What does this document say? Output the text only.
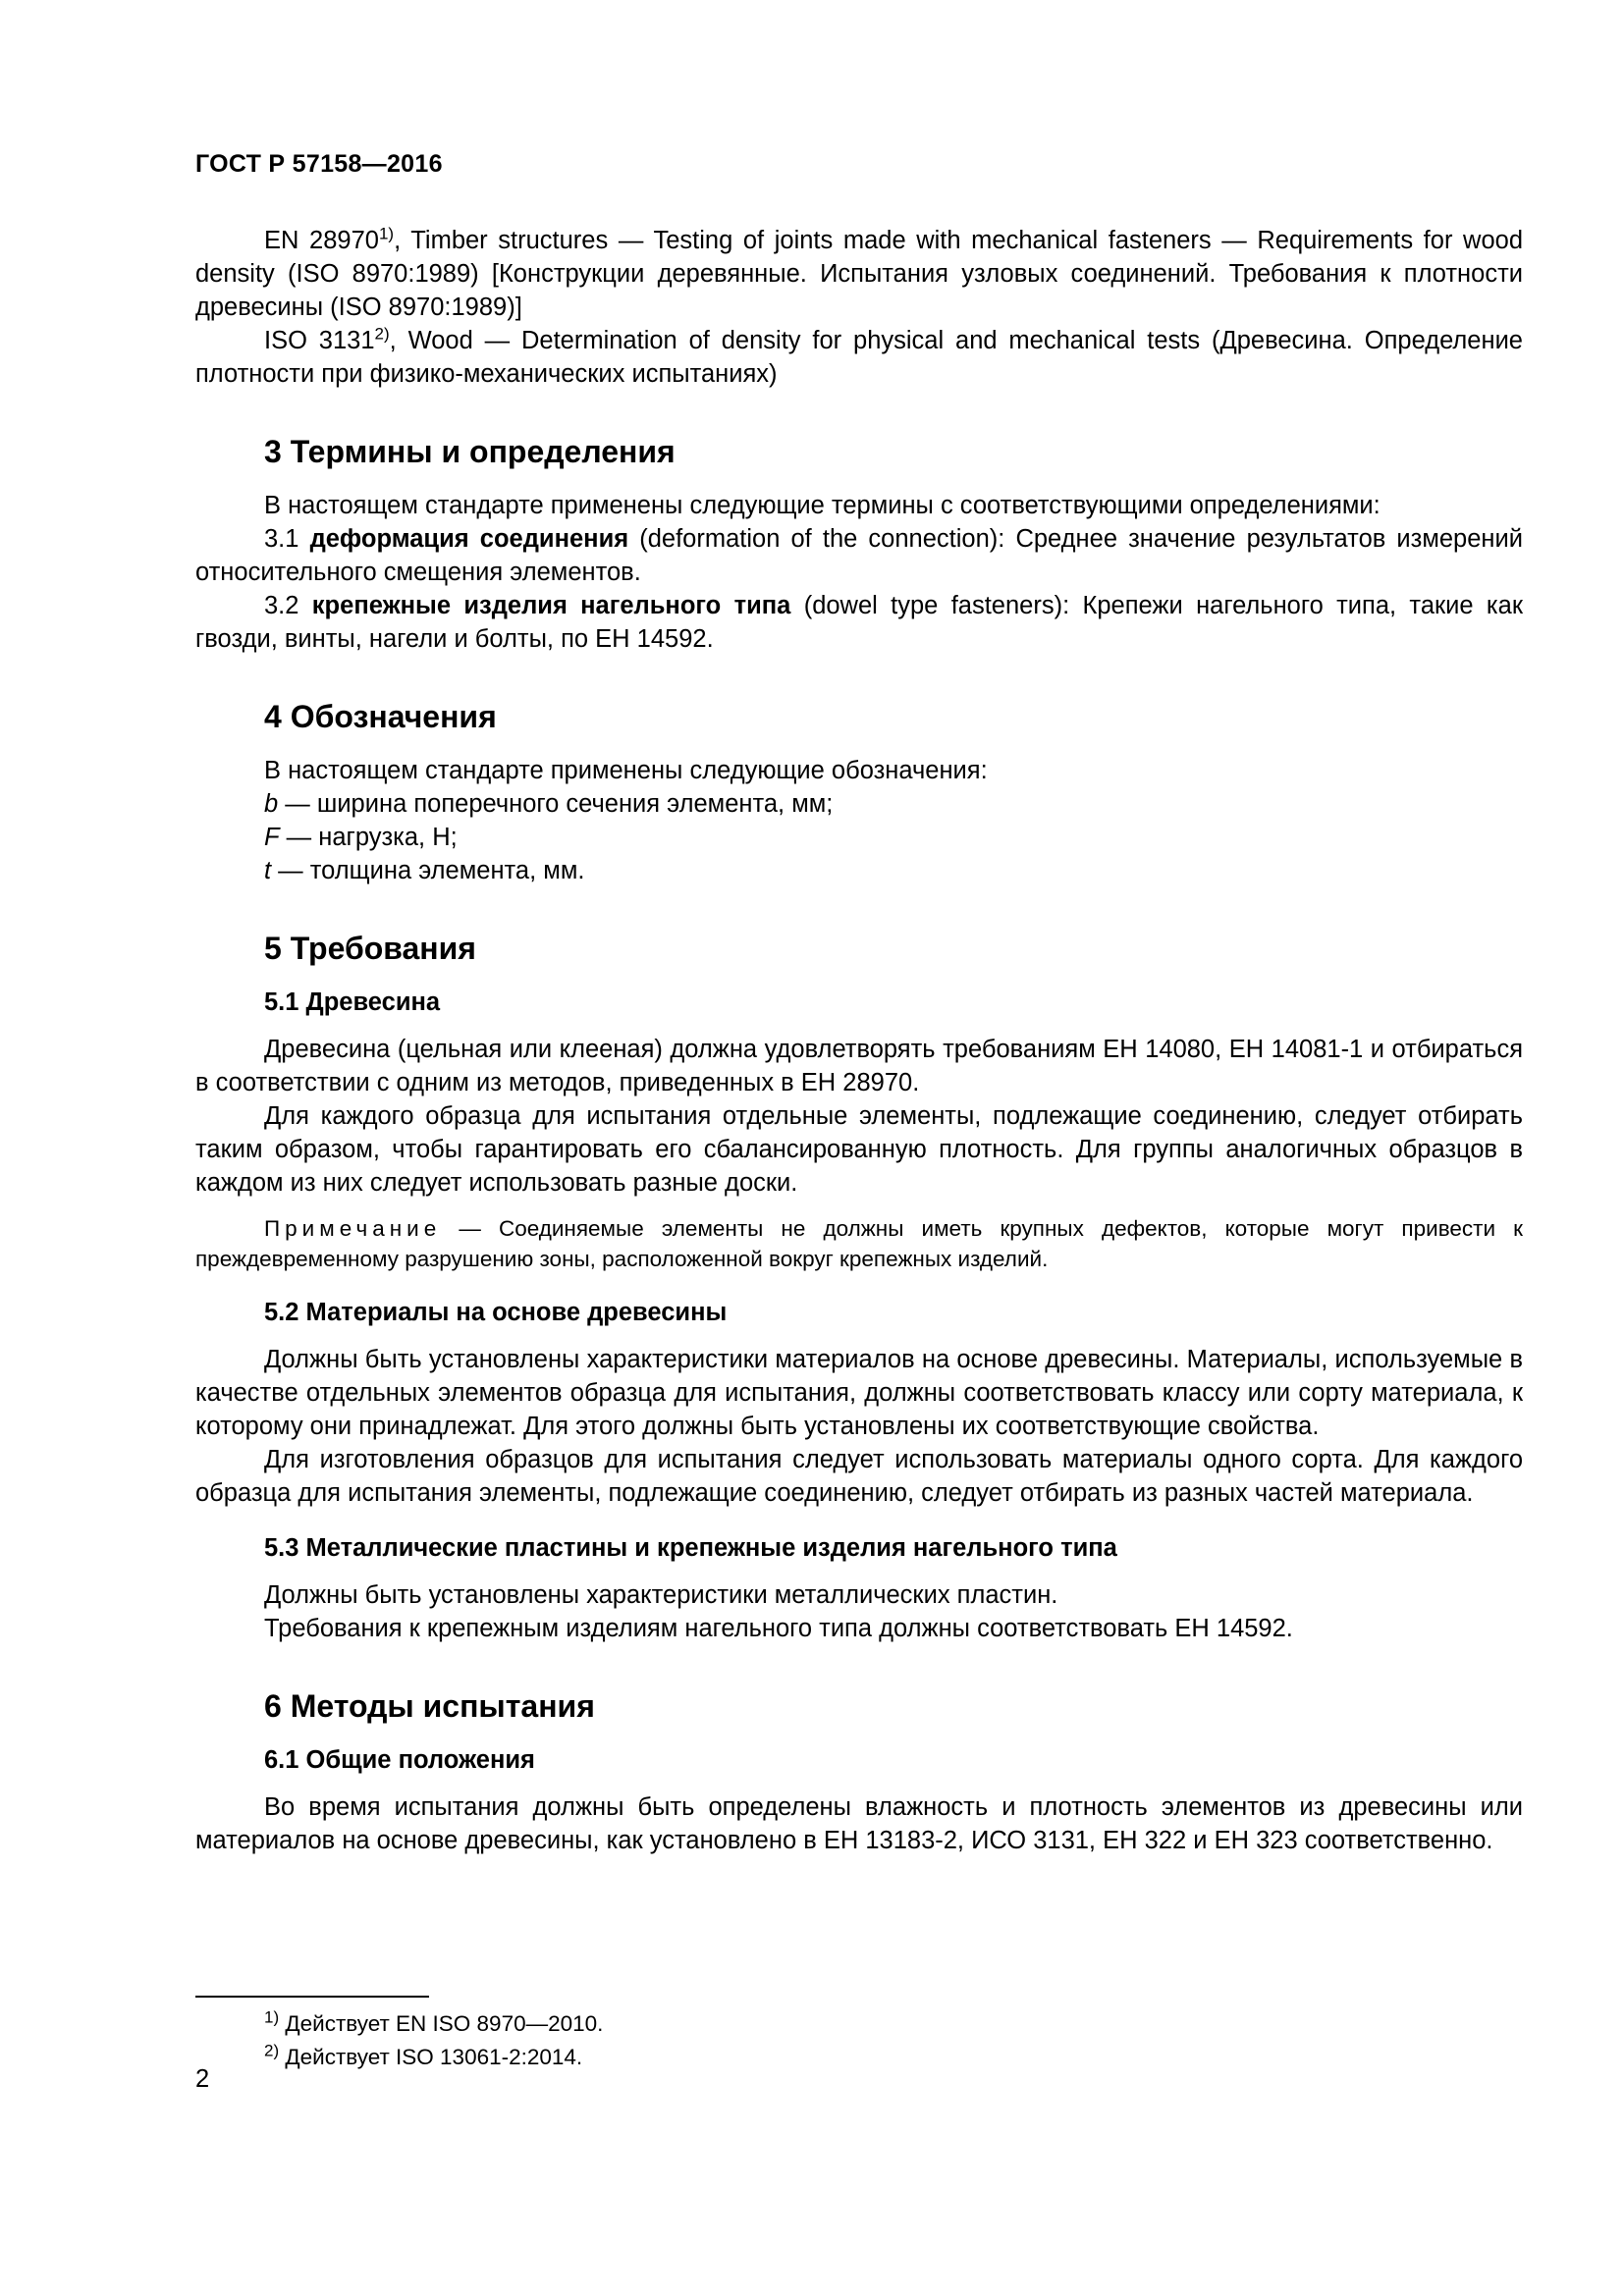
ГОСТ Р 57158—2016

EN 28970$^{1)}$, Timber structures — Testing of joints made with mechanical fasteners — Requirements for wood density (ISO 8970:1989) [Конструкции деревянные. Испытания узловых соединений. Требования к плотности древесины (ISO 8970:1989)]

ISO 3131$^{2)}$, Wood — Determination of density for physical and mechanical tests (Древесина. Определение плотности при физико-механических испытаниях)

3 Термины и определения

В настоящем стандарте применены следующие термины с соответствующими определениями:

3.1 деформация соединения (deformation of the connection): Среднее значение результатов измерений относительного смещения элементов.

3.2 крепежные изделия нагельного типа (dowel type fasteners): Крепежи нагельного типа, такие как гвозди, винты, нагели и болты, по EH 14592.

4 Обозначения

В настоящем стандарте применены следующие обозначения:

b — ширина поперечного сечения элемента, мм;

F — нагрузка, Н;

t — толщина элемента, мм.

5 Требования
5.1 Древесина

Древесина (цельная или клееная) должна удовлетворять требованиям EH 14080, EH 14081-1 и отбираться в соответствии с одним из методов, приведенных в EH 28970.

Для каждого образца для испытания отдельные элементы, подлежащие соединению, следует отбирать таким образом, чтобы гарантировать его сбалансированную плотность. Для группы аналогичных образцов в каждом из них следует использовать разные доски.

Примечание — Соединяемые элементы не должны иметь крупных дефектов, которые могут привести к преждевременному разрушению зоны, расположенной вокруг крепежных изделий.
5.2 Материалы на основе древесины

Должны быть установлены характеристики материалов на основе древесины. Материалы, используемые в качестве отдельных элементов образца для испытания, должны соответствовать классу или сорту материала, к которому они принадлежат. Для этого должны быть установлены их соответствующие свойства.

Для изготовления образцов для испытания следует использовать материалы одного сорта. Для каждого образца для испытания элементы, подлежащие соединению, следует отбирать из разных частей материала.

5.3 Металлические пластины и крепежные изделия нагельного типа

Должны быть установлены характеристики металлических пластин.

Требования к крепежным изделиям нагельного типа должны соответствовать EH 14592.

6 Методы испытания
6.1 Общие положения

Во время испытания должны быть определены влажность и плотность элементов из древесины или материалов на основе древесины, как установлено в EH 13183-2, ИСО 3131, EH 322 и EH 323 соответственно.

$^{1)}$ Действует EN ISO 8970—2010.
$^{2)}$ Действует ISO 13061-2:2014.
2
